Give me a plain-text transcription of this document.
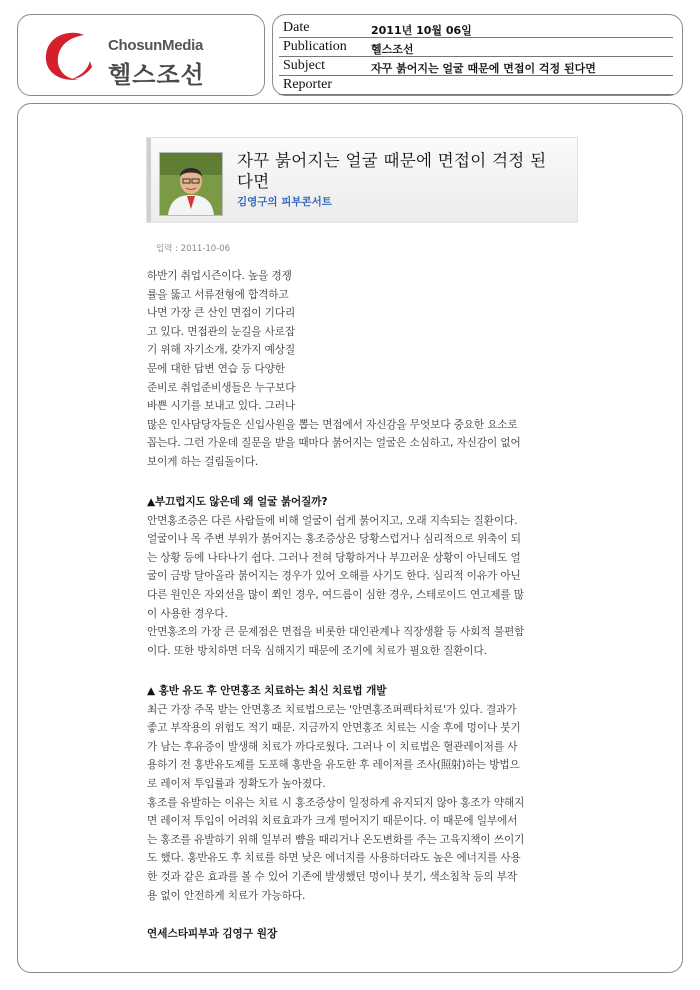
ChosunMedia
헬스조선
Date	2011년 10월 06일
Publication 헬스조선
Subject	자꾸 붉어지는 얼굴 때문에 면접이 걱정 된다면
Reporter
자꾸 붉어지는 얼굴 때문에 면접이 걱정 된
다면
김영구의 피부콘서트
입력 : 2011-10-06

하반기 취업시즌이다. 높을 경쟁

률을 뚫고 서류전형에 합격하고

나면 가장 큰 산인 면접이 기다리

고 있다. 면접관의 눈길을 사로잡

기 위해 자기소개, 갖가지 예상질

문에 대한 답변 연습 등 다양한

준비로 취업준비생들은 누구보다

바쁜 시기를 보내고 있다. 그러나

많은 인사담당자들은 신입사원을 뽑는 면접에서 자신감을 무엇보다 중요한 요소로

꼽는다. 그런 가운데 질문을 받을 때마다 붉어지는 얼굴은 소심하고, 자신감이 없어

보이게 하는 걸림돌이다.

▲부끄럽지도 않은데 왜 얼굴 붉어질까?

안면홍조증은 다른 사람들에 비해 얼굴이 쉽게 붉어지고, 오래 지속되는 질환이다.

얼굴이나 목 주변 부위가 붉어지는 홍조증상은 당황스럽거나 심리적으로 위축이 되

는 상황 등에 나타나기 쉽다. 그러나 전혀 당황하거나 부끄러운 상황이 아닌데도 얼

굴이 금방 달아올라 붉어지는 경우가 있어 오해를 사기도 한다. 심리적 이유가 아닌

다른 원인은 자외선을 많이 쬐인 경우, 여드름이 심한 경우, 스테로이드 연고제를 많

이 사용한 경우다.

안면홍조의 가장 큰 문제점은 면접을 비롯한 대인관계나 직장생활 등 사회적 불편함

이다. 또한 방치하면 더욱 심해지기 때문에 조기에 치료가 필요한 질환이다.

▲ 홍반 유도 후 안면홍조 치료하는 최신 치료법 개발

최근 가장 주목 받는 안면홍조 치료법으로는 '안면홍조퍼펙타치료'가 있다. 결과가

좋고 부작용의 위험도 적기 때문. 지금까지 안면홍조 치료는 시술 후에 멍이나 붓기

가 남는 후유증이 발생해 치료가 까다로웠다. 그러나 이 치료법은 혈관레이저를 사

용하기 전 홍반유도제를 도포해 홍반을 유도한 후 레이저를 조사(照射)하는 방법으

로 레이저 투입률과 정확도가 높아졌다.

홍조를 유발하는 이유는 치료 시 홍조증상이 일정하게 유지되지 않아 홍조가 약해지

면 레이저 투입이 어려워 치료효과가 크게 떨어지기 때문이다. 이 때문에 일부에서

는 홍조를 유발하기 위해 일부러 뺨을 때리거나 온도변화를 주는 고육지책이 쓰이기

도 했다. 홍반유도 후 치료를 하면 낮은 에너지를 사용하더라도 높은 에너지를 사용

한 것과 같은 효과를 볼 수 있어 기존에 발생했던 멍이나 붓기, 색소침착 등의 부작

용 없이 안전하게 치료가 가능하다.

연세스타피부과 김영구 원장
